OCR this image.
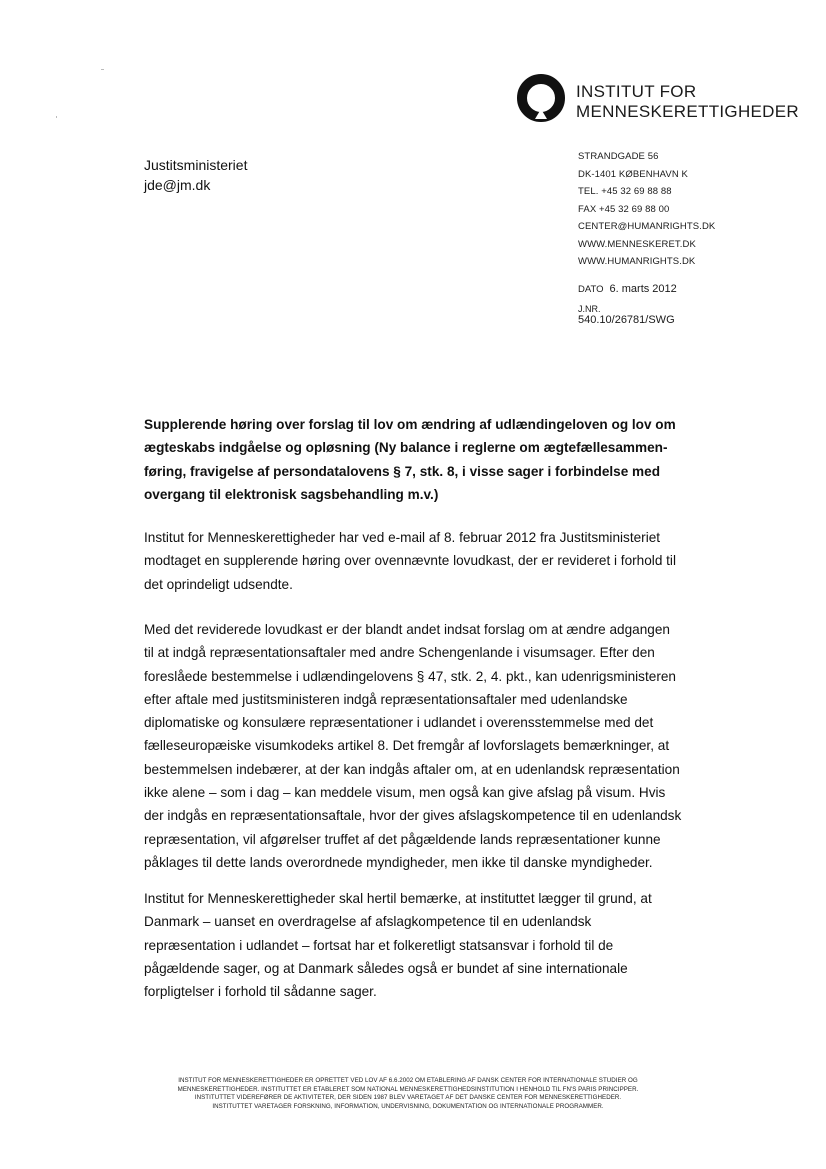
INSTITUT FOR
MENNESKERETTIGHEDER
Justitsministeriet
jde@jm.dk
STRANDGADE 56
DK-1401 KØBENHAVN K
TEL. +45 32 69 88 88
FAX +45 32 69 88 00
CENTER@HUMANRIGHTS.DK
WWW.MENNESKERET.DK
WWW.HUMANRIGHTS.DK
DATO 6. marts 2012
J.NR.
540.10/26781/SWG
Supplerende høring over forslag til lov om ændring af udlændingeloven og lov om
ægteskabs indgåelse og opløsning (Ny balance i reglerne om ægtefællesammen-
føring, fravigelse af persondatalovens § 7, stk. 8, i visse sager i forbindelse med
overgang til elektronisk sagsbehandling m.v.)
Institut for Menneskerettigheder har ved e-mail af 8. februar 2012 fra Justitsministeriet
modtaget en supplerende høring over ovennævnte lovudkast, der er revideret i forhold til
det oprindeligt udsendte.
Med det reviderede lovudkast er der blandt andet indsat forslag om at ændre adgangen
til at indgå repræsentationsaftaler med andre Schengenlande i visumsager. Efter den
foreslåede bestemmelse i udlændingelovens § 47, stk. 2, 4. pkt., kan udenrigsministeren
efter aftale med justitsministeren indgå repræsentationsaftaler med udenlandske
diplomatiske og konsulære repræsentationer i udlandet i overensstemmelse med det
fælleseuropæiske visumkodeks artikel 8. Det fremgår af lovforslagets bemærkninger, at
bestemmelsen indebærer, at der kan indgås aftaler om, at en udenlandsk repræsentation
ikke alene – som i dag – kan meddele visum, men også kan give afslag på visum. Hvis
der indgås en repræsentationsaftale, hvor der gives afslagskompetence til en udenlandsk
repræsentation, vil afgørelser truffet af det pågældende lands repræsentationer kunne
påklages til dette lands overordnede myndigheder, men ikke til danske myndigheder.
Institut for Menneskerettigheder skal hertil bemærke, at instituttet lægger til grund, at
Danmark – uanset en overdragelse af afslagkompetence til en udenlandsk
repræsentation i udlandet – fortsat har et folkeretligt statsansvar i forhold til de
pågældende sager, og at Danmark således også er bundet af sine internationale
forpligtelser i forhold til sådanne sager.
INSTITUT FOR MENNESKERETTIGHEDER ER OPRETTET VED LOV AF 6.6.2002 OM ETABLERING AF DANSK CENTER FOR INTERNATIONALE STUDIER OG
MENNESKERETTIGHEDER. INSTITUTTET ER ETABLERET SOM NATIONAL MENNESKERETTIGHEDSINSTITUTION I HENHOLD TIL FN'S PARIS PRINCIPPER.
INSTITUTTET VIDEREFØRER DE AKTIVITETER, DER SIDEN 1987 BLEV VARETAGET AF DET DANSKE CENTER FOR MENNESKERETTIGHEDER.
INSTITUTTET VARETAGER FORSKNING, INFORMATION, UNDERVISNING, DOKUMENTATION OG INTERNATIONALE PROGRAMMER.
